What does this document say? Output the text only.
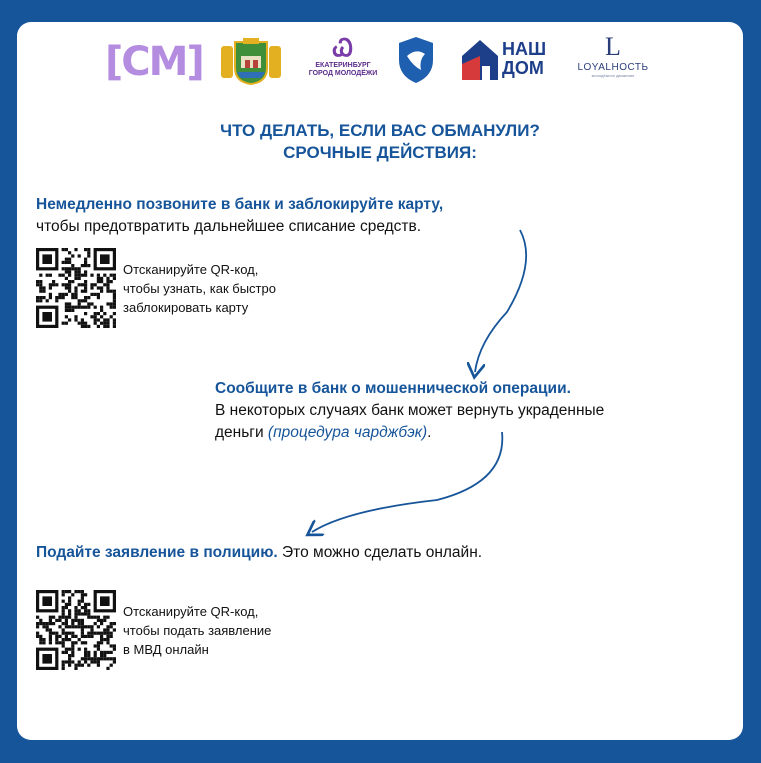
[СМ]	Ꮗ
ЕКАТЕРИНБУРГ
ГОРОД МОЛОДЁЖИ
НАШ
ДОМ
L
LOYALНОСТЬ
молодёжное движение
ЧТО ДЕЛАТЬ, ЕСЛИ ВАС ОБМАНУЛИ?
СРОЧНЫЕ ДЕЙСТВИЯ:
Немедленно позвоните в банк и заблокируйте карту,
чтобы предотвратить дальнейшее списание средств.
Отсканируйте QR-код,
чтобы узнать, как быстро
заблокировать карту
Сообщите в банк о мошеннической операции.
В некоторых случаях банк может вернуть украденные
деньги (процедура чарджбэк).
Подайте заявление в полицию. Это можно сделать онлайн.
Отсканируйте QR-код,
чтобы подать заявление
в МВД онлайн
